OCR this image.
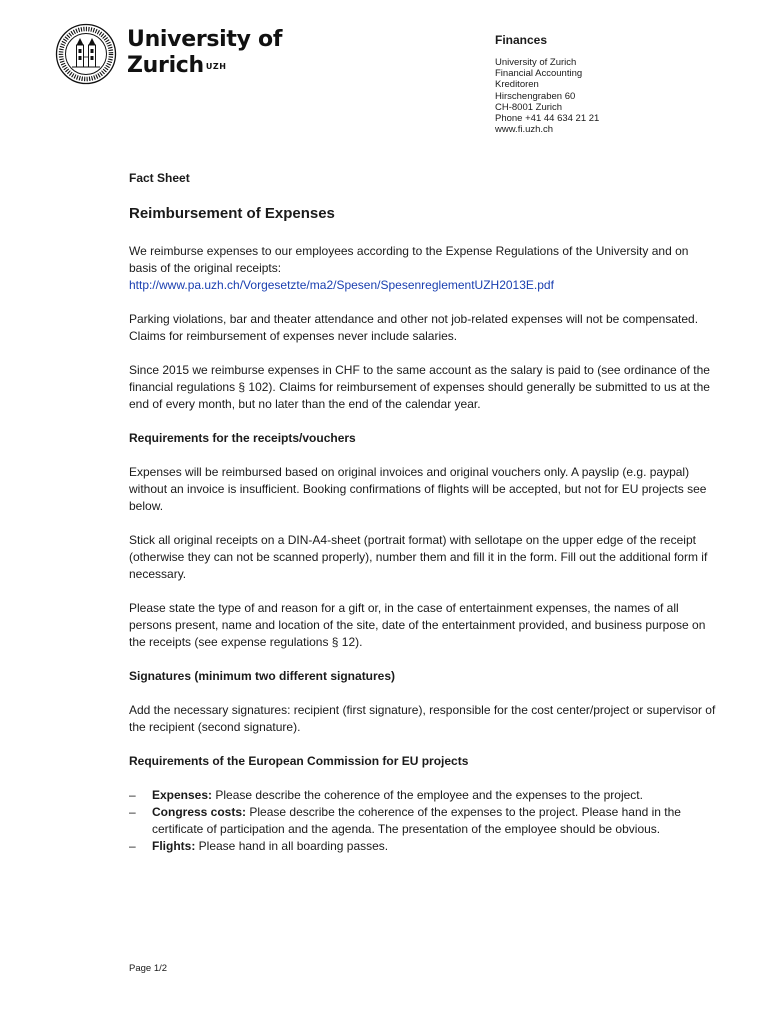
University of
Zurich $^{UZH}$
Finances
University of Zurich
Financial Accounting
Kreditoren
Hirschengraben 60
CH-8001 Zurich
Phone +41 44 634 21 21
www.fi.uzh.ch
Fact Sheet
Reimbursement of Expenses

We reimburse expenses to our employees according to the Expense Regulations of the University and on basis of the original receipts:
http://www.pa.uzh.ch/Vorgesetzte/ma2/Spesen/SpesenreglementUZH2013E.pdf

Parking violations, bar and theater attendance and other not job-related expenses will not be compensated. Claims for reimbursement of expenses never include salaries.

Since 2015 we reimburse expenses in CHF to the same account as the salary is paid to (see ordinance of the financial regulations § 102). Claims for reimbursement of expenses should generally be submitted to us at the end of every month, but no later than the end of the calendar year.

Requirements for the receipts/vouchers

Expenses will be reimbursed based on original invoices and original vouchers only. A payslip (e.g. paypal) without an invoice is insufficient. Booking confirmations of flights will be accepted, but not for EU projects see below.

Stick all original receipts on a DIN-A4-sheet (portrait format) with sellotape on the upper edge of the receipt (otherwise they can not be scanned properly), number them and fill it in the form. Fill out the additional form if necessary.

Please state the type of and reason for a gift or, in the case of entertainment expenses, the names of all persons present, name and location of the site, date of the entertainment provided, and business purpose on the receipts (see expense regulations § 12).

Signatures (minimum two different signatures)

Add the necessary signatures: recipient (first signature), responsible for the cost center/project or supervisor of the recipient (second signature).

Requirements of the European Commission for EU projects
– Expenses: Please describe the coherence of the employee and the expenses to the project.
– Congress costs: Please describe the coherence of the expenses to the project. Please hand in the certificate of participation and the agenda. The presentation of the employee should be obvious.
– Flights: Please hand in all boarding passes.
Page 1/2
